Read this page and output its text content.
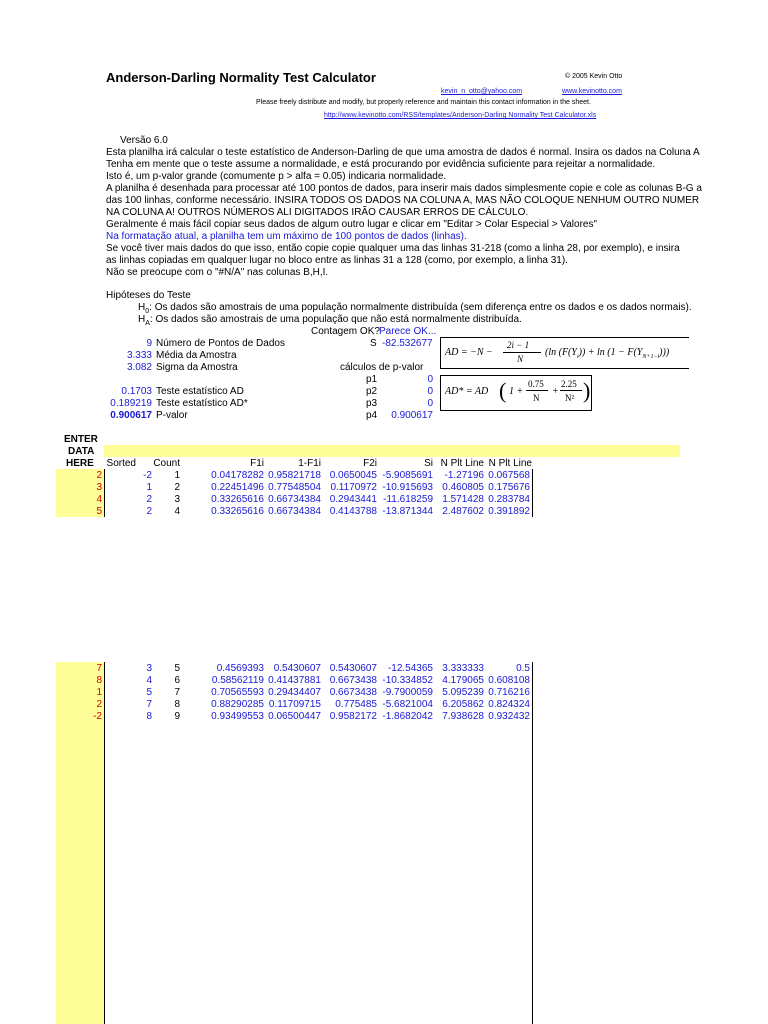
Anderson-Darling Normality Test Calculator	© 2005 Kevin Otto
kevin_n_otto@yahoo.com	www.kevinotto.com
Please freely distribute and modify, but properly reference and maintain this contact information in the sheet.
http://www.kevinotto.com/RSS/templates/Anderson-Darling Normality Test Calculator.xls
Versão 6.0
Esta planilha irá calcular o teste estatístico de Anderson-Darling de que uma amostra de dados é normal. Insira os dados na Coluna A
Tenha em mente que o teste assume a normalidade, e está procurando por evidência suficiente para rejeitar a normalidade.
Isto é, um p-valor grande (comumente p > alfa = 0.05) indicaria normalidade.
A planilha é desenhada para processar até 100 pontos de dados, para inserir mais dados simplesmente copie e cole as colunas B-G a
das 100 linhas, conforme necessário. INSIRA TODOS OS DADOS NA COLUNA A, MAS NÃO COLOQUE NENHUM OUTRO NUMER
NA COLUNA A! OUTROS NÚMEROS ALI DIGITADOS IRÃO CAUSAR ERROS DE CÁLCULO.
Geralmente é mais fácil copiar seus dados de algum outro lugar e clicar em "Editar > Colar Especial > Valores"
Na formatação atual, a planilha tem um máximo de 100 pontos de dados (linhas).
Se você tiver mais dados do que isso, então copie copie qualquer uma das linhas 31-218 (como a linha 28, por exemplo), e insira
as linhas copiadas em qualquer lugar no bloco entre as linhas 31 a 128 (como, por exemplo, a linha 31).
Não se preocupe com o "#N/A" nas colunas B,H,I.
Hipóteses do Teste
$H_0$: Os dados são amostrais de uma população normalmente distribuída (sem diferença entre os dados e os dados normais).
$H_A$: Os dados são amostrais de uma população que não está normalmente distribuída.
Contagem OK? Parece OK...
9 Número de Pontos de Dados
3.333 Média da Amostra
3.082 Sigma da Amostra
0.1703 Teste estatístico AD
0.189219 Teste estatístico AD*
0.900617 P-valor
S -82.532677
cálculos de p-valor
p1	0
p2	0
p3	0
p4	0.900617
AD = −N −
2i − 1
N
(ln $(F(Y_i)) + \ln (1 - F(Y_{N+1-i}))$)
AD* = AD ( 1 +
0.75
N
+
2.25
N² )
ENTER
DATA
HERE Sorted	Count	F1i	1-F1i	F2i	Si N Plt Line N Plt Line
2	-2	1	0.04178282 0.95821718 0.0650045 -5.9085691	-1.27196 0.067568
3	1	2	0.22451496 0.77548504 0.1170972 -10.915693 0.460805 0.175676
4	2	3	0.33265616 0.66734384 0.2943441 -11.618259 1.571428 0.283784
5	2	4	0.33265616 0.66734384 0.4143788 -13.871344 2.487602 0.391892
7	3	5	0.4569393 0.5430607 0.5430607	-12.54365 3.333333	0.5
8	4	6	0.58562119 0.41437881 0.6673438 -10.334852 4.179065 0.608108
1	5	7	0.70565593 0.29434407 0.6673438 -9.7900059 5.095239 0.716216
2	7	8	0.88290285 0.11709715	0.775485 -5.6821004 6.205862 0.824324
-2	8	9	0.93499553 0.06500447 0.9582172 -1.8682042 7.938628 0.932432
